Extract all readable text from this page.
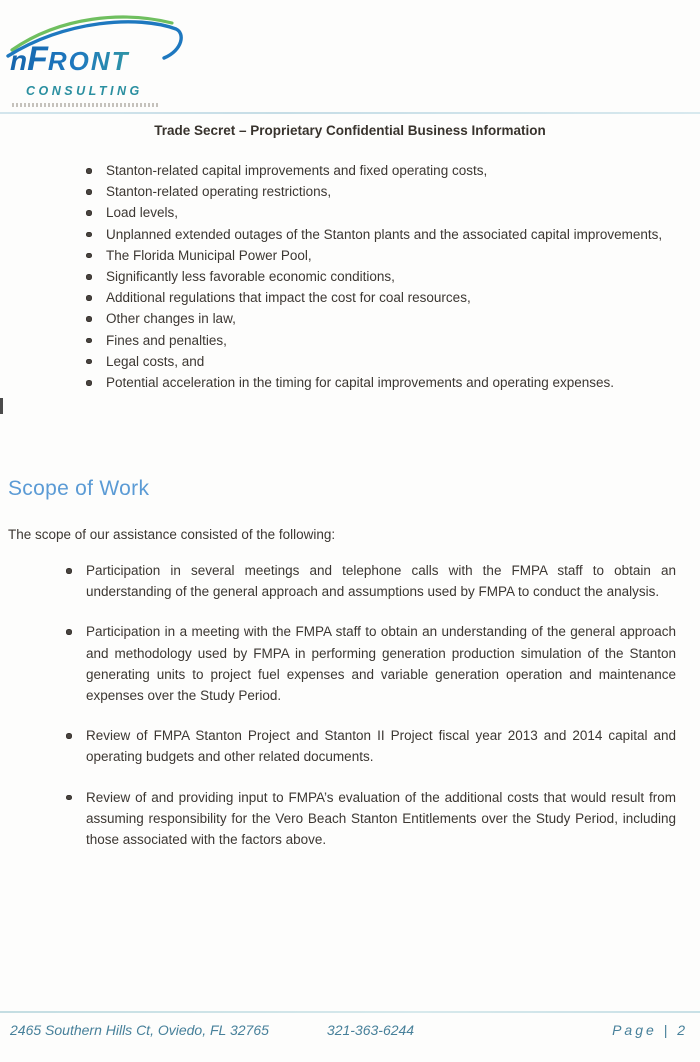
nFRONT
CONSULTING
Trade Secret – Proprietary Confidential Business Information
Stanton-related capital improvements and fixed operating costs,
Stanton-related operating restrictions,
Load levels,
Unplanned extended outages of the Stanton plants and the associated capital improvements,
The Florida Municipal Power Pool,
Significantly less favorable economic conditions,
Additional regulations that impact the cost for coal resources,
Other changes in law,
Fines and penalties,
Legal costs, and
Potential acceleration in the timing for capital improvements and operating expenses.
Scope of Work
The scope of our assistance consisted of the following:
Participation in several meetings and telephone calls with the FMPA staff to obtain an understanding of the general approach and assumptions used by FMPA to conduct the analysis.
Participation in a meeting with the FMPA staff to obtain an understanding of the general approach and methodology used by FMPA in performing generation production simulation of the Stanton generating units to project fuel expenses and variable generation operation and maintenance expenses over the Study Period.
Review of FMPA Stanton Project and Stanton II Project fiscal year 2013 and 2014 capital and operating budgets and other related documents.
Review of and providing input to FMPA’s evaluation of the additional costs that would result from assuming responsibility for the Vero Beach Stanton Entitlements over the Study Period, including those associated with the factors above.
2465 Southern Hills Ct, Oviedo, FL 32765	321-363-6244	Page | 2
